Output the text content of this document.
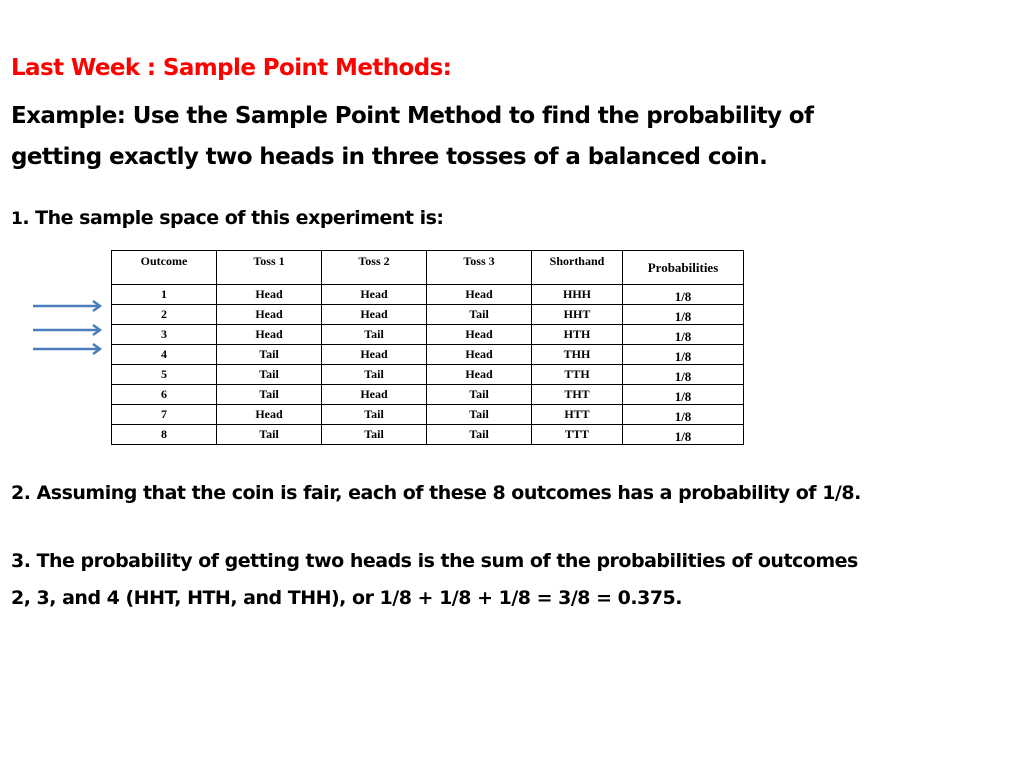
Last Week : Sample Point Methods:
Example: Use the Sample Point Method to find the probability of
getting exactly two heads in three tosses of a balanced coin.
1. The sample space of this experiment is:
Outcome	Toss 1	Toss 2	Toss 3	Shorthand	Probabilities
1	Head	Head	Head	HHH	1/8
2	Head	Head	Tail	HHT	1/8
3	Head	Tail	Head	HTH	1/8
4	Tail	Head	Head	THH	1/8
5	Tail	Tail	Head	TTH	1/8
6	Tail	Head	Tail	THT	1/8
7	Head	Tail	Tail	HTT	1/8
8	Tail	Tail	Tail	TTT	1/8
2. Assuming that the coin is fair, each of these 8 outcomes has a probability of 1/8.
3. The probability of getting two heads is the sum of the probabilities of outcomes
2, 3, and 4 (HHT, HTH, and THH), or 1/8 + 1/8 + 1/8 = 3/8 = 0.375.
